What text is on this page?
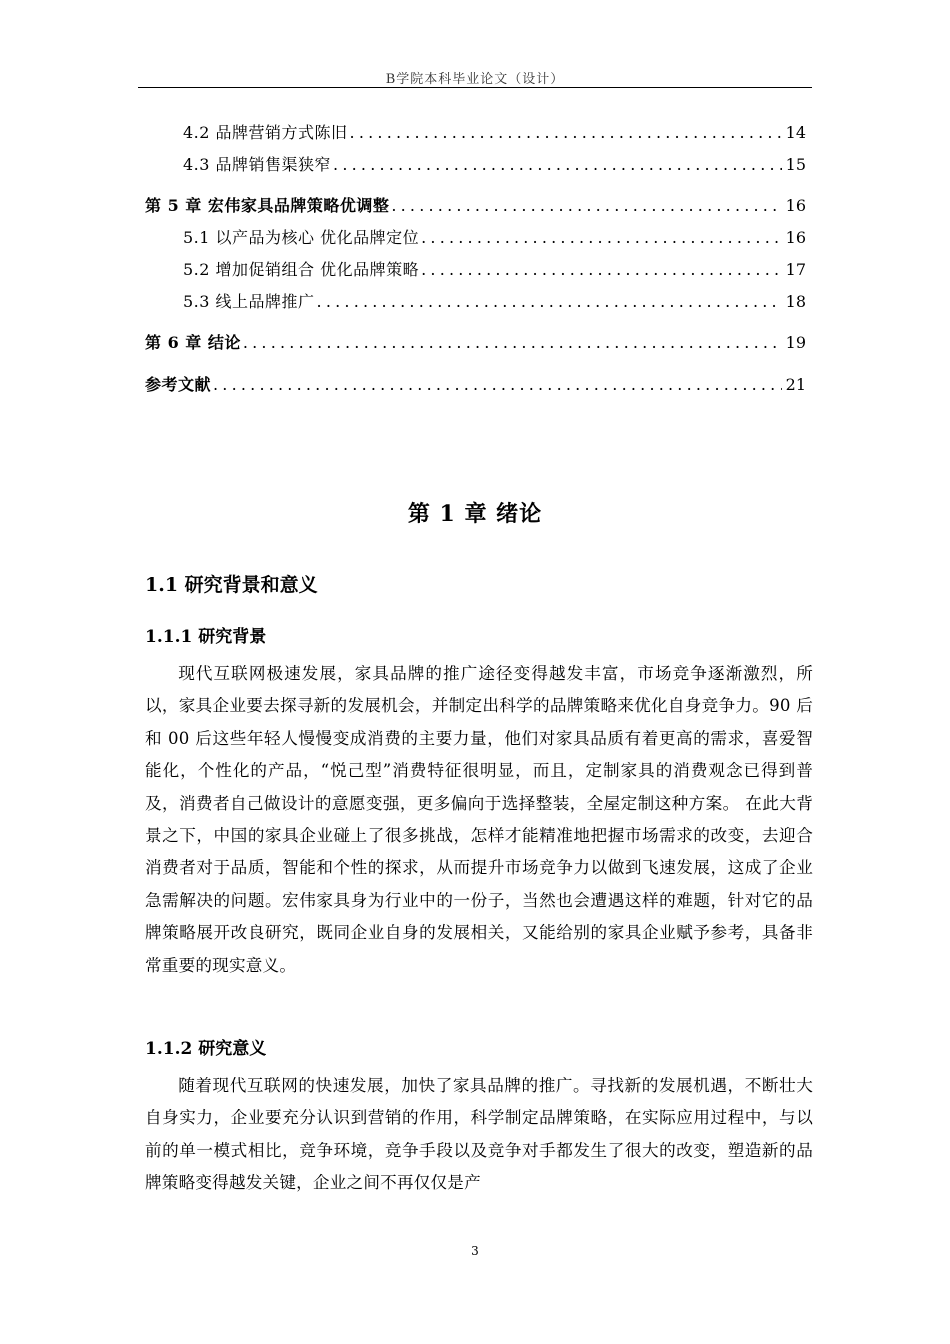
B学院本科毕业论文（设计）
4.2 品牌营销方式陈旧 .....	14
4.3 品牌销售渠狭窄 .....	15
第 5 章 宏伟家具品牌策略优调整 .....	16
5.1 以产品为核心 优化品牌定位 .....	16
5.2 增加促销组合 优化品牌策略 .....	17
5.3 线上品牌推广 .....	18
第 6 章 结论 .....	19
参考文献 .....	21
第 1 章 绪论
1.1 研究背景和意义
1.1.1 研究背景
现代互联网极速发展，家具品牌的推广途径变得越发丰富，市场竞争逐渐激烈，所以，家具企业要去探寻新的发展机会，并制定出科学的品牌策略来优化自身竞争力。90 后和 00 后这些年轻人慢慢变成消费的主要力量，他们对家具品质有着更高的需求，喜爱智能化，个性化的产品，“悦己型”消费特征很明显，而且，定制家具的消费观念已得到普及，消费者自己做设计的意愿变强，更多偏向于选择整装，全屋定制这种方案。 在此大背景之下，中国的家具企业碰上了很多挑战，怎样才能精准地把握市场需求的改变，去迎合消费者对于品质，智能和个性的探求，从而提升市场竞争力以做到飞速发展，这成了企业急需解决的问题。宏伟家具身为行业中的一份子，当然也会遭遇这样的难题，针对它的品牌策略展开改良研究，既同企业自身的发展相关，又能给别的家具企业赋予参考，具备非常重要的现实意义。
1.1.2 研究意义
随着现代互联网的快速发展，加快了家具品牌的推广。寻找新的发展机遇，不断壮大自身实力，企业要充分认识到营销的作用，科学制定品牌策略，在实际应用过程中，与以前的单一模式相比，竞争环境，竞争手段以及竞争对手都发生了很大的改变，塑造新的品牌策略变得越发关键，企业之间不再仅仅是产
3
